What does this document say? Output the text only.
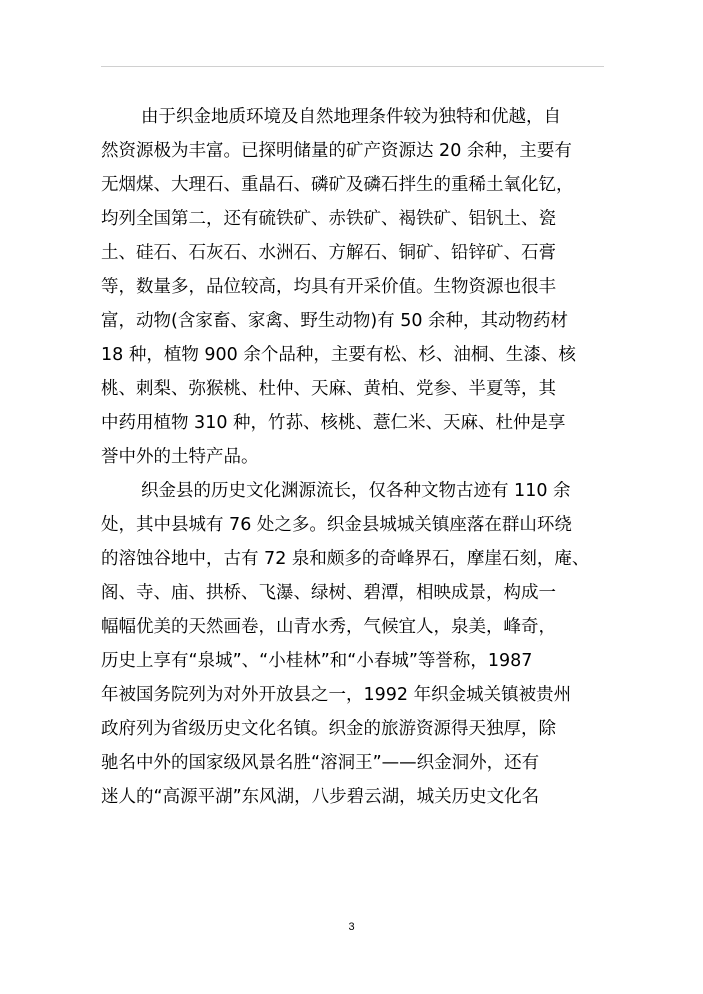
由于织金地质环境及自然地理条件较为独特和优越，自
然资源极为丰富。已探明储量的矿产资源达 20 余种，主要有
无烟煤、大理石、重晶石、磷矿及磷石拌生的重稀土氧化钇，
均列全国第二，还有硫铁矿、赤铁矿、褐铁矿、铝钒土、瓷
土、硅石、石灰石、水洲石、方解石、铜矿、铅锌矿、石膏
等，数量多，品位较高，均具有开采价值。生物资源也很丰
富，动物(含家畜、家禽、野生动物)有 50 余种，其动物药材
18 种，植物 900 余个品种，主要有松、杉、油桐、生漆、核
桃、刺梨、弥猴桃、杜仲、天麻、黄柏、党参、半夏等，其
中药用植物 310 种，竹荪、核桃、薏仁米、天麻、杜仲是享
誉中外的土特产品。
织金县的历史文化渊源流长，仅各种文物古迹有 110 余
处，其中县城有 76 处之多。织金县城城关镇座落在群山环绕
的溶蚀谷地中，古有 72 泉和颇多的奇峰界石，摩崖石刻，庵、
阁、寺、庙、拱桥、飞瀑、绿树、碧潭，相映成景，构成一
幅幅优美的天然画卷，山青水秀，气候宜人，泉美，峰奇，
历史上享有“泉城”、“小桂林”和“小春城”等誉称，1987
年被国务院列为对外开放县之一，1992 年织金城关镇被贵州
政府列为省级历史文化名镇。织金的旅游资源得天独厚，除
驰名中外的国家级风景名胜“溶洞王”——织金洞外，还有
迷人的“高源平湖”东风湖，八步碧云湖，城关历史文化名
3
